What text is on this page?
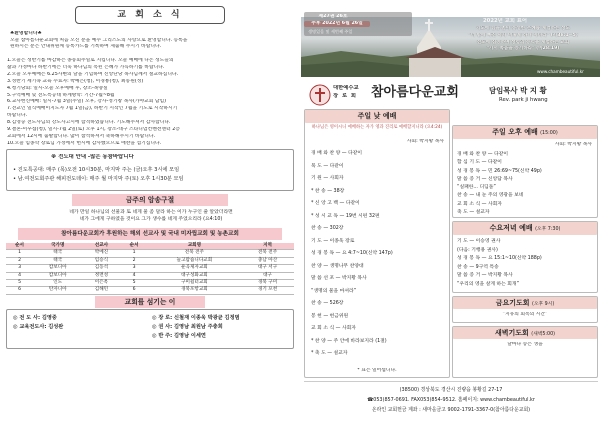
교 회 소 식
♣환영합니다♣
오늘 참아름다운교회에 처음 오신 분을 예수 그리스도의 사랑으로 환영합니다. 등록을
원하시는 분은 안내위원께 등록카드를 기록하여 제출해 주시기 바랍니다.
1.오늘은 성반기를 마감하는 종동회주일로 지킵니다. 오늘 예배에 나온 성도들의
삶과 가정마다 하반기에는 더욱 하나님의 복된 은혜가 가득하기를 바랍니다.
2.오늘 오후예배는 6.25사변의 날을 기념하여 신앙단당 목사님께서 설교하십니다.
3.성반기 세기속 교육 수료자: 박예은(청), 이경룡(청), 최동원(성)
4.청기당회: 일시-오늘 오후예배 후, 장소-목양실
5.구역예배 및 전도특공대 하계방학: 기간-7월~8월
6.교사헌신예배: 일시-7월 3일(주일) 오후, 강사-정기창 목사(가야교회 담임)
7.전교인 일식예배이지도자 7월 1일(금), 하반기 시작인 7월을 기도로 시작하시기
바랍니다.
8.김영숭 전도사님의 강도사고시에 합격하였습니다. 기도해주셔서 감사합니다.
9.결혼-이우섭(청), 일시-7월 2일(토) 오후 1시, 장소-대구 스타디엄컨벤션센터 2층
교회에서 12시에 출발합니다. 많이 참석하셔서 축하해주시기 바랍니다.
10.오늘 임종학 장로님 가정에서 헌시에 감사했으므로 애찬을 섬기십니다.
※ 전도대 안내 -많은 동참바랍니다
• 진도특공대: 매주 (목)오전 10시30분, 마지막 주는 (금)오후 3시에 모임
• 남.여전도회주관 해피전도데이: 매주 월 마지막 주(토) 오후 1시30분 모임
금주의 암송구절
네가 만일 하나님의 선물과 또 네게 물 좀 달라 하는 이가 누구인 줄 알았더라면
네가 그에게 구하였을 것이요 그가 생수를 네게 주었으리라 (요4:10)
참아름다운교회가 후원하는 해외 선교사 및 국내 미자립교회 및 농촌교회
순서	국가명	선교사	순서	교회명	지역
1	태국	박예진	1	전북 전주	전북 전주
2	태국	임승식	2	늘고맙습니다교회	충남 아산
3	캄보디아	김동석	3	운곡제자교회	대구 서구
4	캄보디아	정면성	4	대구성화교회	대구
5	인도	이은옥	5	구미쉼터교회	경북 구미
6	탄자니아	김해민	6	경북포항교회	경기 포천
교회를 섬기는 이
◎ 전 도 사: 김영중
◎ 교육전도사: 김성완
◎ 장 로: 신철재 이종욱 박광균 김정범
◎ 권 사: 김영남 최원남 주충희
◎ 반 주: 김영남 이세연
제27권 26호
주후 2022년 6월 26일
생명있음 및 세번째 주일
2022년 교회 표어
기도에 힘을 쏟아 풍성한 은혜를 체험하는 성도
"너 밖에 빠진 사자 어떻게 하나 아나라" (사38:1~5)
전도에 집중하여 성령의 능력을 체험하는 교회
"가서 복음을 증거하라" (마28:19)
www.chambeautiful.kr
대한예수교
장 로 회 참아름다운교회	담임목사 박 지 황
Rev. park ji hwang
주일 낮 예배
하나님은 영이시니 예배하는 자가 영과 진리로 예배할지니라 (요4:24)
사회: 박지황 목사
경 배 와 찬 양 — 다같이
묵 도 — 다같이
기 원 — 사회자
* 찬 송 — 38장
* 신 앙 고 백 — 다같이
* 성 시 교 독 — 19번 시편 32편
찬 송 — 302장
기 도 — 이종욱 장로
성 경 봉 독 — 요 4:7~10(신약 147p)
찬 양 — 생명나무 찬양대
말 씀 선 포 — 박지황 목사
“생명의 물을 마셔라”
찬 송 — 526장
봉 헌 — 헌금위원
교 회 소 식 — 사회자
* 찬 양 — 주 안에 바라보지라 (1절)
* 축 도 — 설교자
* 표는 일어섭니다.
주일 오후 예배 (15:00)
사회: 박지황 목사
경 배 와 찬 양 — 다같이
합 심 기 도 — 다같이
성 경 봉 독 — 민 26:69~75(신약 49p)
말 씀 증 거 — 신앙담 목사
“실패한... 디딤돌”
찬 송 — 내 눈 주의 영광을 보네
교 회 소 식 — 사회자
축 도 — 설교자
수요저녁 예배 (오후 7:30)
기 도 — 이승영 권사
(다음: 기행용 권사)
성 경 봉 독 — 요 15:1~10(신약 188p)
찬 송 — 9구역 특송
말 씀 증 거 — 박지황 목사
“우리의 영을 살게 하는 회개”
금요기도회 (오후 9시)
“지유의 회복의 시간”
새벽기도회 (새벽5:00)
날마다 승는 생을
(38500) 경상북도 경산시 진량읍 봉황길 27-17
☎053)857-0691. FAX053)854-9512. 홈페이지: www.chambeautiful.kr
온라인 교회헌금 계좌 : 새마을금고 9002-1791-3367-0(참아름다운교회)
